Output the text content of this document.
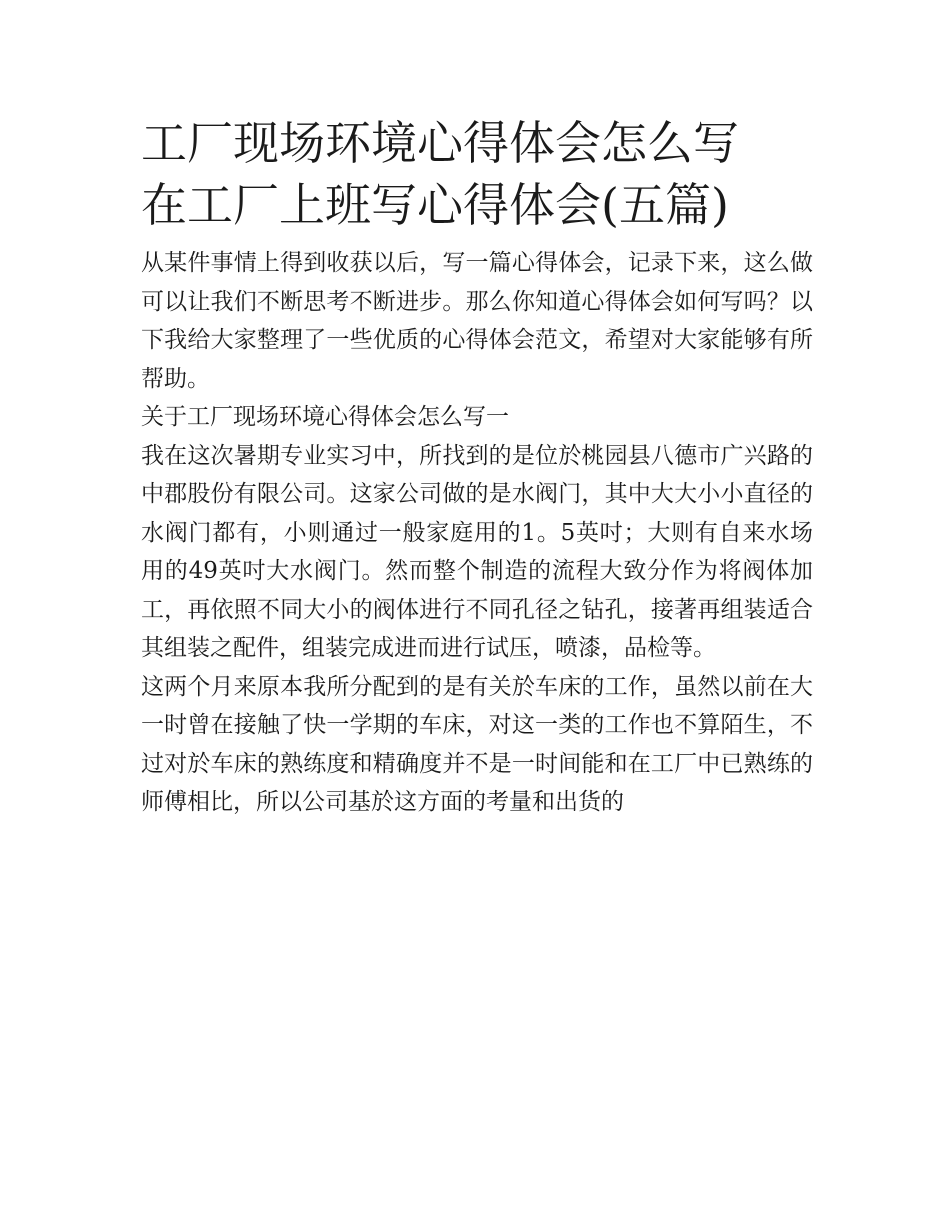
工厂现场环境心得体会怎么写
在工厂上班写心得体会(五篇)

从某件事情上得到收获以后，写一篇心得体会，记录下来，这么做可以让我们不断思考不断进步。那么你知道心得体会如何写吗？以下我给大家整理了一些优质的心得体会范文，希望对大家能够有所帮助。

关于工厂现场环境心得体会怎么写一

我在这次暑期专业实习中，所找到的是位於桃园县八德市广兴路的中郡股份有限公司。这家公司做的是水阀门，其中大大小小直径的水阀门都有，小则通过一般家庭用的1。5英吋；大则有自来水场用的49英吋大水阀门。然而整个制造的流程大致分作为将阀体加工，再依照不同大小的阀体进行不同孔径之钻孔，接著再组装适合其组装之配件，组装完成进而进行试压，喷漆，品检等。

这两个月来原本我所分配到的是有关於车床的工作，虽然以前在大一时曾在接触了快一学期的车床，对这一类的工作也不算陌生，不过对於车床的熟练度和精确度并不是一时间能和在工厂中已熟练的师傅相比，所以公司基於这方面的考量和出货的
